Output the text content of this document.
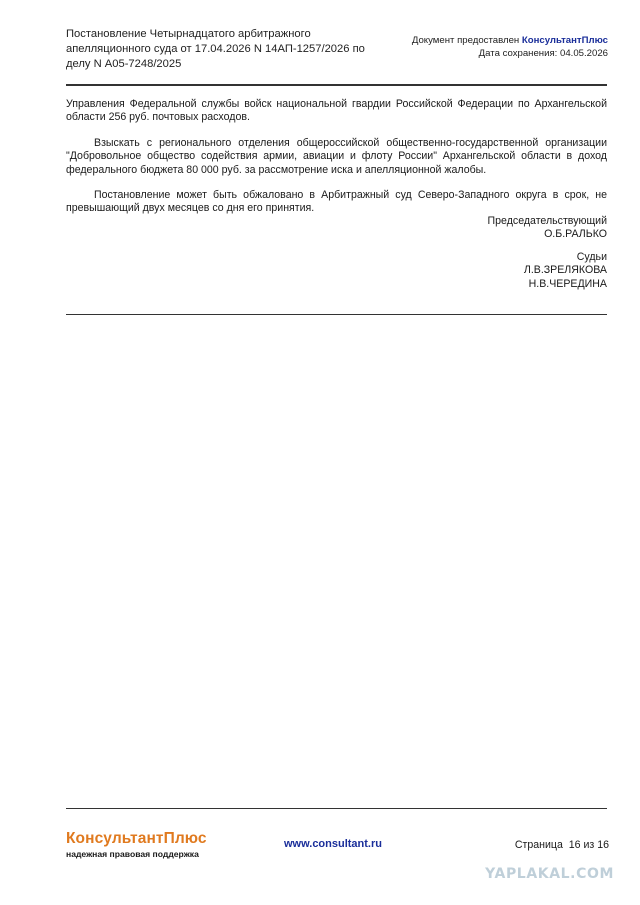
Постановление Четырнадцатого арбитражного
апелляционного суда от 17.04.2026 N 14АП-1257/2026 по
делу N А05-7248/2025
Документ предоставлен КонсультантПлюс
Дата сохранения: 04.05.2026

Управления Федеральной службы войск национальной гвардии Российской Федерации по Архангельской области 256 руб. почтовых расходов.

Взыскать с регионального отделения общероссийской общественно-государственной организации "Добровольное общество содействия армии, авиации и флоту России" Архангельской области в доход федерального бюджета 80 000 руб. за рассмотрение иска и апелляционной жалобы.

Постановление может быть обжаловано в Арбитражный суд Северо-Западного округа в срок, не превышающий двух месяцев со дня его принятия.

Председательствующий
О.Б.РАЛЬКО
Судьи
Л.В.ЗРЕЛЯКОВА
Н.В.ЧЕРЕДИНА
КонсультантПлюс
надежная правовая поддержка
www.consultant.ru	Страница  16 из 16
YAPLAKAL.COM
